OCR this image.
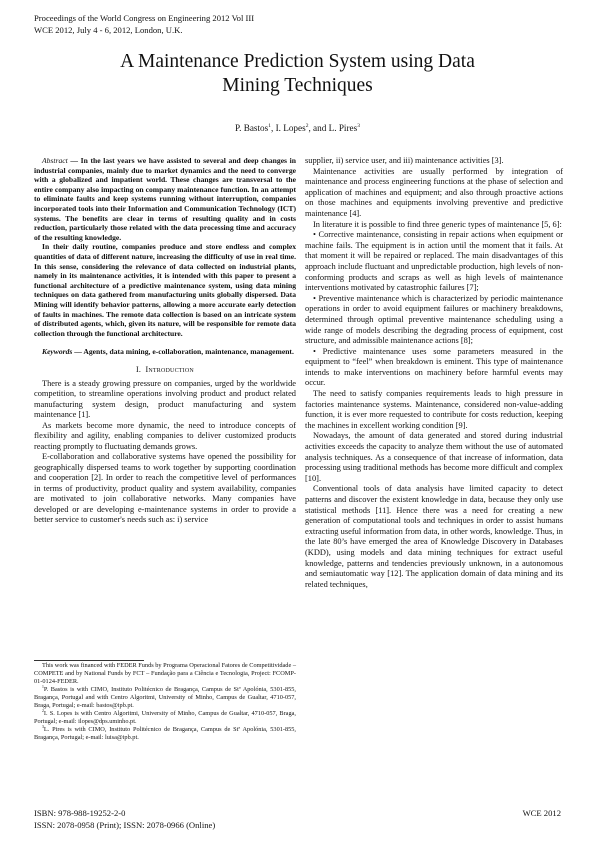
Proceedings of the World Congress on Engineering 2012 Vol III
WCE 2012, July 4 - 6, 2012, London, U.K.
A Maintenance Prediction System using Data
Mining Techniques
P. Bastos$^1$, I. Lopes$^2$, and L. Pires$^3$

Abstract — In the last years we have assisted to several and deep changes in industrial companies, mainly due to market dynamics and the need to converge with a globalized and impatient world. These changes are transversal to the entire company also impacting on company maintenance function. In an attempt to eliminate faults and keep systems running without interruption, companies incorporated tools into their Information and Communication Technology (ICT) systems. The benefits are clear in terms of resulting quality and in costs reduction, particularly those related with the data processing time and accuracy of the resulting knowledge.

In their daily routine, companies produce and store endless and complex quantities of data of different nature, increasing the difficulty of use in real time. In this sense, considering the relevance of data collected on industrial plants, namely in its maintenance activities, it is intended with this paper to present a functional architecture of a predictive maintenance system, using data mining techniques on data gathered from manufacturing units globally dispersed. Data Mining will identify behavior patterns, allowing a more accurate early detection of faults in machines. The remote data collection is based on an intricate system of distributed agents, which, given its nature, will be responsible for remote data collection through the functional architecture.

Keywords — Agents, data mining, e-collaboration, maintenance, management.

I. Introduction

There is a steady growing pressure on companies, urged by the worldwide competition, to streamline operations involving product and product related manufacturing system design, product manufacturing and system maintenance [1].

As markets become more dynamic, the need to introduce concepts of flexibility and agility, enabling companies to deliver customized products reacting promptly to fluctuating demands grows.

E-collaboration and collaborative systems have opened the possibility for geographically dispersed teams to work together by supporting coordination and cooperation [2]. In order to reach the competitive level of performances in terms of productivity, product quality and system availability, companies are motivated to join collaborative networks. Many companies have developed or are developing e-maintenance systems in order to provide a better service to customer's needs such as: i) service

This work was financed with FEDER Funds by Programa Operacional Fatores de Competitividade – COMPETE and by National Funds by FCT – Fundação para a Ciência e Tecnologia, Project: FCOMP-01-0124-FEDER.

$^1$P. Bastos is with CIMO, Instituto Politécnico de Bragança, Campus de Stª Apolónia, 5301-855, Bragança, Portugal and with Centro Algoritmi, University of Minho, Campus de Gualtar, 4710-057, Braga, Portugal; e-mail: bastos@ipb.pt.

$^2$I. S. Lopes is with Centro Algoritmi, University of Minho, Campus de Gualtar, 4710-057, Braga, Portugal; e-mail: ilopes@dps.uminho.pt.

$^3$L. Pires is with CIMO, Instituto Politécnico de Bragança, Campus de Stª Apolónia, 5301-855, Bragança, Portugal; e-mail: luisa@ipb.pt.

supplier, ii) service user, and iii) maintenance activities [3].

Maintenance activities are usually performed by integration of maintenance and process engineering functions at the phase of selection and application of machines and equipment; and also through proactive actions on those machines and equipments involving preventive and predictive maintenance [4].

In literature it is possible to find three generic types of maintenance [5, 6]:

• Corrective maintenance, consisting in repair actions when equipment or machine fails. The equipment is in action until the moment that it fails. At that moment it will be repaired or replaced. The main disadvantages of this approach include fluctuant and unpredictable production, high levels of non-conforming products and scraps as well as high levels of maintenance interventions motivated by catastrophic failures [7];

• Preventive maintenance which is characterized by periodic maintenance operations in order to avoid equipment failures or machinery breakdowns, determined through optimal preventive maintenance scheduling using a wide range of models describing the degrading process of equipment, cost structure, and admissible maintenance actions [8];

• Predictive maintenance uses some parameters measured in the equipment to “feel” when breakdown is eminent. This type of maintenance intends to make interventions on machinery before harmful events may occur.

The need to satisfy companies requirements leads to high pressure in factories maintenance systems. Maintenance, considered non-value-adding function, it is ever more requested to contribute for costs reduction, keeping the machines in excellent working condition [9].

Nowadays, the amount of data generated and stored during industrial activities exceeds the capacity to analyze them without the use of automated analysis techniques. As a consequence of that increase of information, data processing using traditional methods has become more difficult and complex [10].

Conventional tools of data analysis have limited capacity to detect patterns and discover the existent knowledge in data, because they only use statistical methods [11]. Hence there was a need for creating a new generation of computational tools and techniques in order to assist humans extracting useful information from data, in other words, knowledge. Thus, in the late 80’s have emerged the area of Knowledge Discovery in Databases (KDD), using models and data mining techniques for extract useful knowledge, patterns and tendencies previously unknown, in a autonomous and semiautomatic way [12]. The application domain of data mining and its related techniques,

ISBN: 978-988-19252-2-0
ISSN: 2078-0958 (Print); ISSN: 2078-0966 (Online)
WCE 2012
